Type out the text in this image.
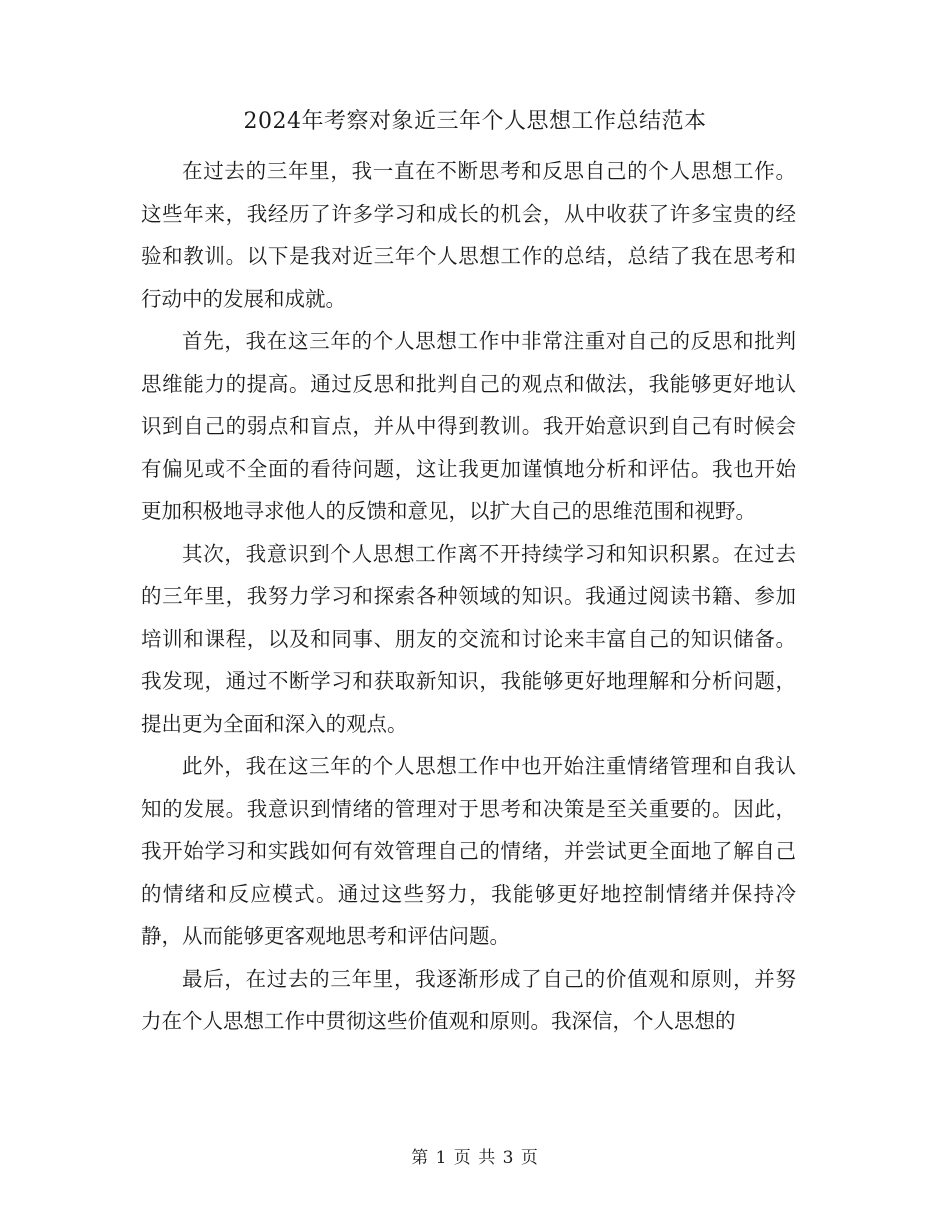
2024年考察对象近三年个人思想工作总结范本

在过去的三年里，我一直在不断思考和反思自己的个人思想工作。这些年来，我经历了许多学习和成长的机会，从中收获了许多宝贵的经验和教训。以下是我对近三年个人思想工作的总结，总结了我在思考和行动中的发展和成就。

首先，我在这三年的个人思想工作中非常注重对自己的反思和批判思维能力的提高。通过反思和批判自己的观点和做法，我能够更好地认识到自己的弱点和盲点，并从中得到教训。我开始意识到自己有时候会有偏见或不全面的看待问题，这让我更加谨慎地分析和评估。我也开始更加积极地寻求他人的反馈和意见，以扩大自己的思维范围和视野。

其次，我意识到个人思想工作离不开持续学习和知识积累。在过去的三年里，我努力学习和探索各种领域的知识。我通过阅读书籍、参加培训和课程，以及和同事、朋友的交流和讨论来丰富自己的知识储备。我发现，通过不断学习和获取新知识，我能够更好地理解和分析问题，提出更为全面和深入的观点。

此外，我在这三年的个人思想工作中也开始注重情绪管理和自我认知的发展。我意识到情绪的管理对于思考和决策是至关重要的。因此，我开始学习和实践如何有效管理自己的情绪，并尝试更全面地了解自己的情绪和反应模式。通过这些努力，我能够更好地控制情绪并保持冷静，从而能够更客观地思考和评估问题。

最后，在过去的三年里，我逐渐形成了自己的价值观和原则，并努力在个人思想工作中贯彻这些价值观和原则。我深信，个人思想的

第 1 页 共 3 页
